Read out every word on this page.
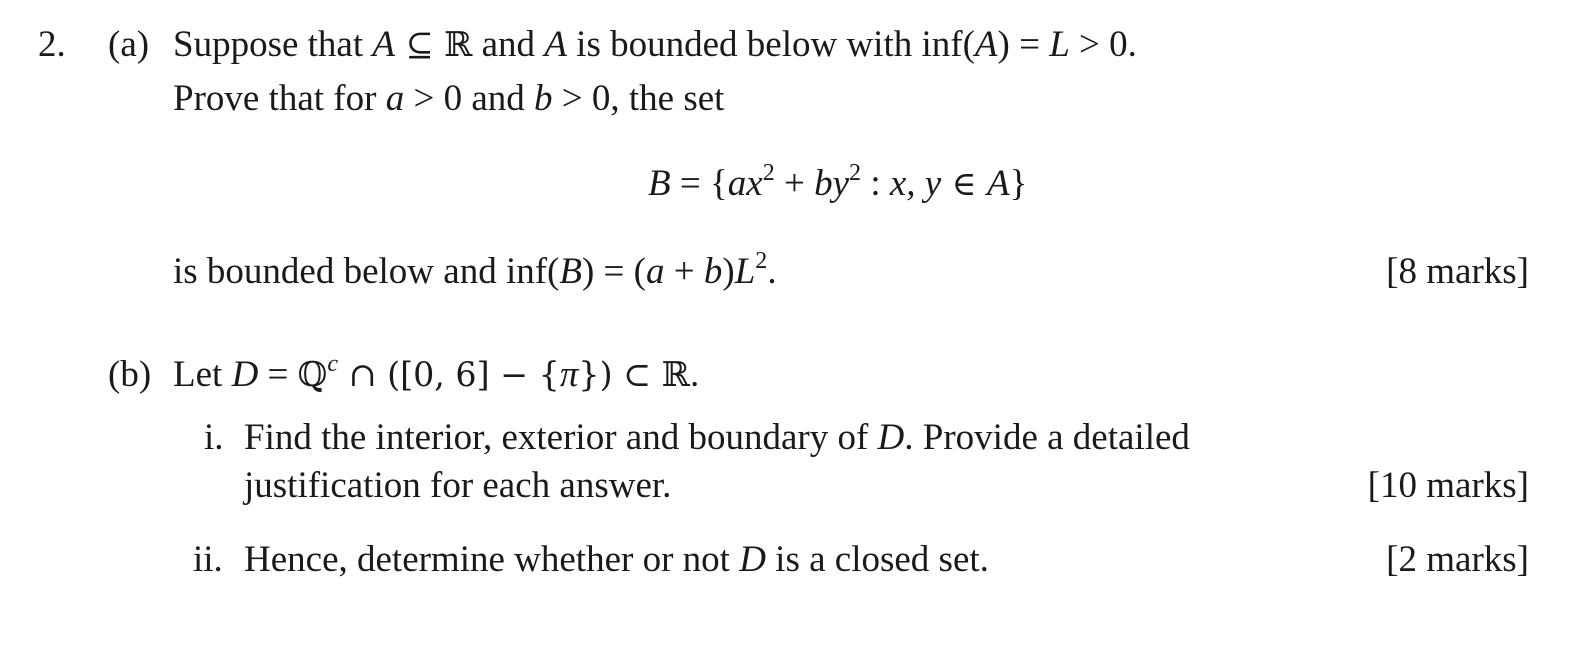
2. (a) Suppose that A ⊆ ℝ and A is bounded below with inf(A) = L > 0.
Prove that for a > 0 and b > 0, the set
$B = \{ax^2 + by^2$ : x, y ∈ A}
is bounded below and $inf(B) = (a + b)L^2$.	[8 marks]
(b) Let D = ℚ$^c$ ∩ ([0, 6] − {π}) ⊂ ℝ.
i. Find the interior, exterior and boundary of D. Provide a detailed
justification for each answer.	[10 marks]
ii. Hence, determine whether or not D is a closed set.	[2 marks]
